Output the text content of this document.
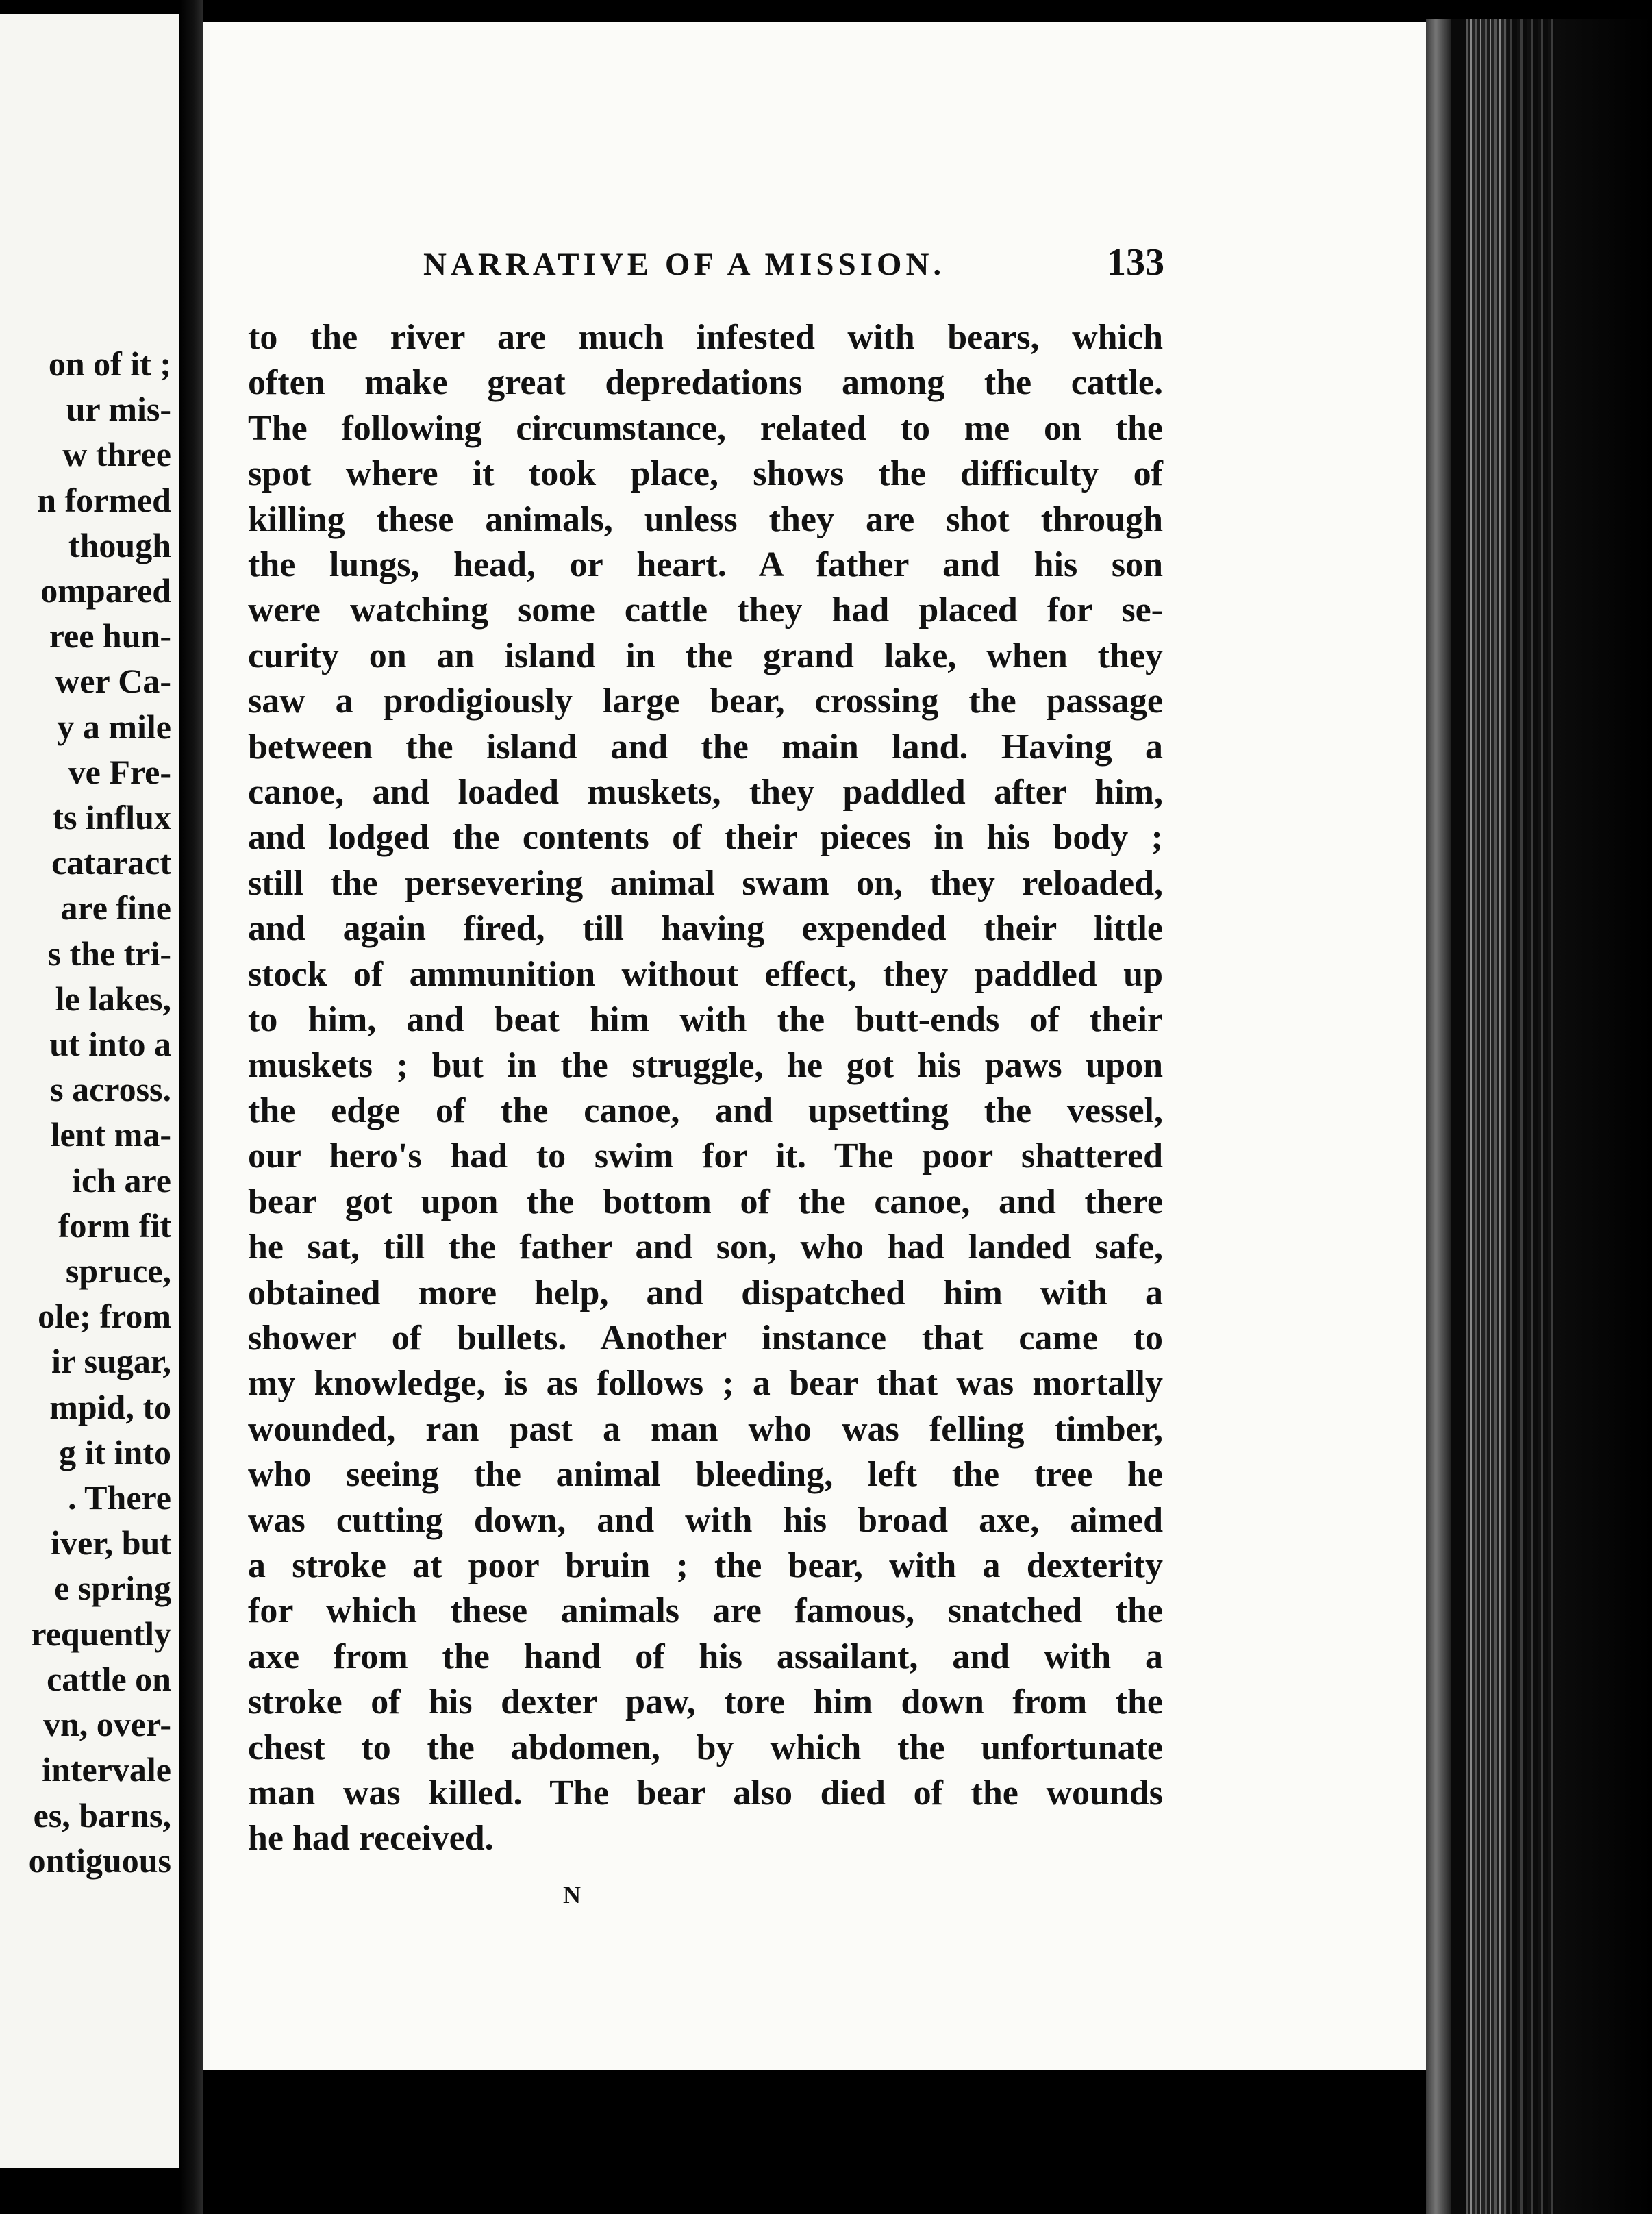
on of it ;
ur mis-
w three
n formed
though
ompared
ree hun-
wer Ca-
y a mile
ve Fre-
ts influx
cataract
are fine
s the tri-
le lakes,
ut into a
s across.
lent ma-
ich are
form fit
spruce,
ole; from
ir sugar,
mpid, to
g it into
. There
iver, but
e spring
requently
cattle on
vn, over-
intervale
es, barns,
ontiguous
NARRATIVE OF A MISSION.	133
to the river are much infested with bears, which
often make great depredations among the cattle.
The following circumstance, related to me on the
spot where it took place, shows the difficulty of
killing these animals, unless they are shot through
the lungs, head, or heart. A father and his son
were watching some cattle they had placed for se-
curity on an island in the grand lake, when they
saw a prodigiously large bear, crossing the passage
between the island and the main land. Having a
canoe, and loaded muskets, they paddled after him,
and lodged the contents of their pieces in his body ;
still the persevering animal swam on, they reloaded,
and again fired, till having expended their little
stock of ammunition without effect, they paddled up
to him, and beat him with the butt-ends of their
muskets ; but in the struggle, he got his paws upon
the edge of the canoe, and upsetting the vessel,
our hero's had to swim for it. The poor shattered
bear got upon the bottom of the canoe, and there
he sat, till the father and son, who had landed safe,
obtained more help, and dispatched him with a
shower of bullets. Another instance that came to
my knowledge, is as follows ; a bear that was mortally
wounded, ran past a man who was felling timber,
who seeing the animal bleeding, left the tree he
was cutting down, and with his broad axe, aimed
a stroke at poor bruin ; the bear, with a dexterity
for which these animals are famous, snatched the
axe from the hand of his assailant, and with a
stroke of his dexter paw, tore him down from the
chest to the abdomen, by which the unfortunate
man was killed. The bear also died of the wounds
he had received.
N
